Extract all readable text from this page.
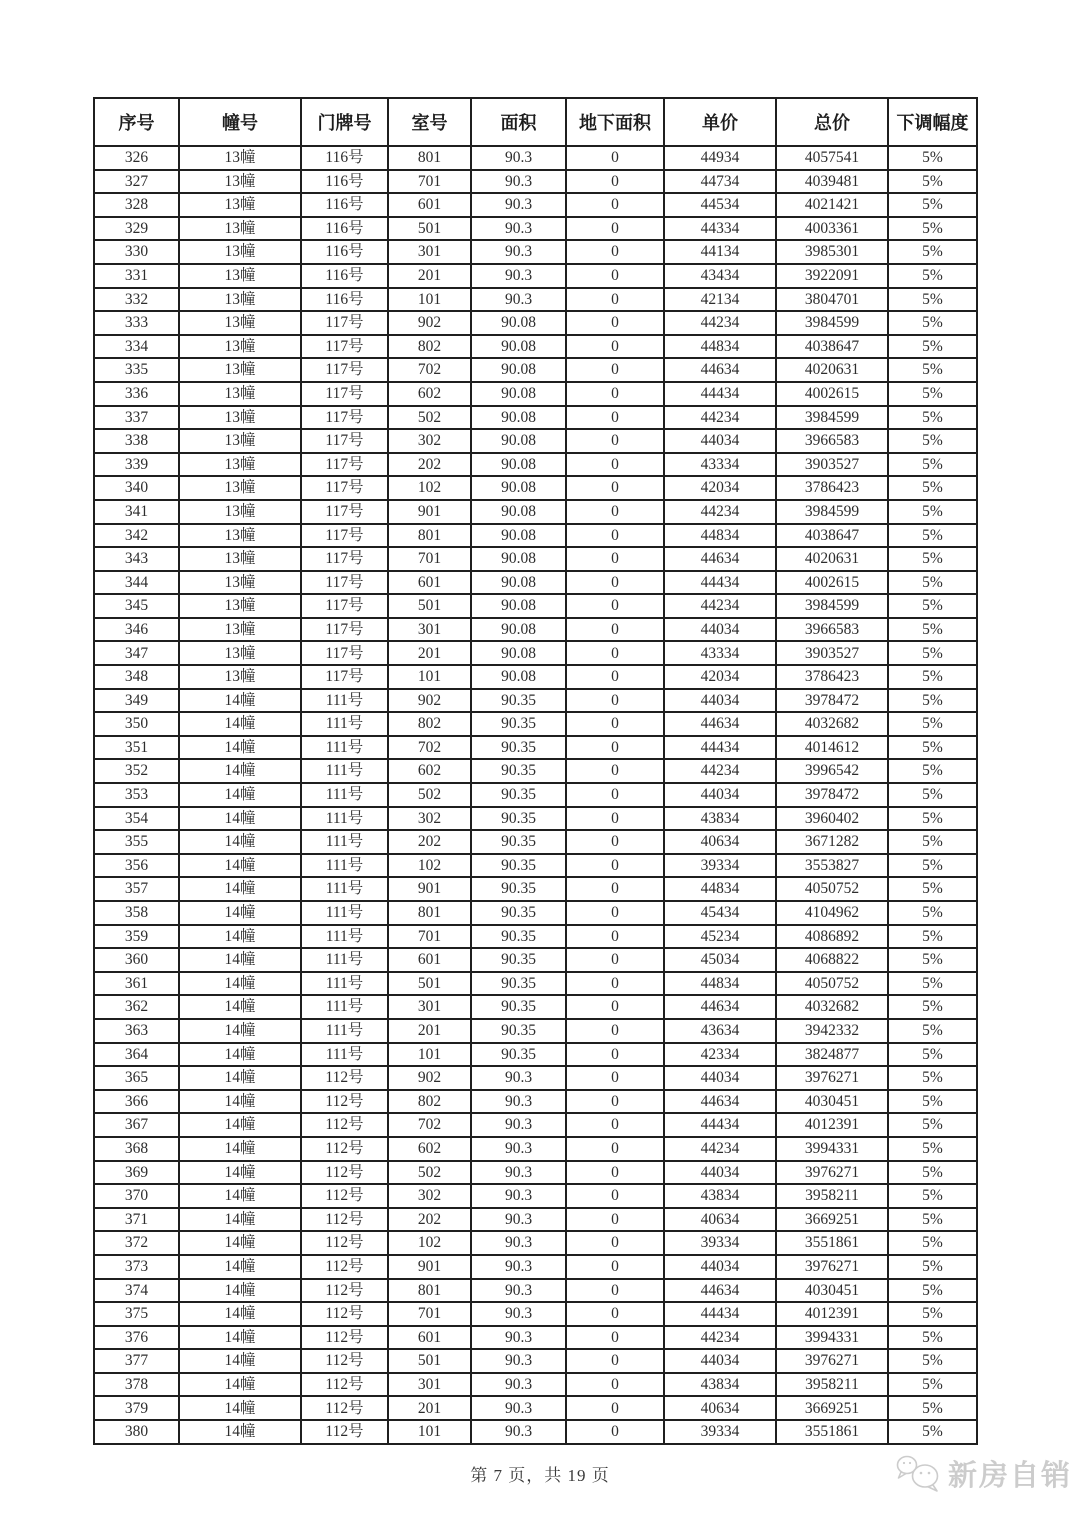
序号	幢号	门牌号	室号	面积	地下面积	单价	总价	下调幅度
326	13幢	116号	801	90.3	0	44934	4057541	5%
327	13幢	116号	701	90.3	0	44734	4039481	5%
328	13幢	116号	601	90.3	0	44534	4021421	5%
329	13幢	116号	501	90.3	0	44334	4003361	5%
330	13幢	116号	301	90.3	0	44134	3985301	5%
331	13幢	116号	201	90.3	0	43434	3922091	5%
332	13幢	116号	101	90.3	0	42134	3804701	5%
333	13幢	117号	902	90.08	0	44234	3984599	5%
334	13幢	117号	802	90.08	0	44834	4038647	5%
335	13幢	117号	702	90.08	0	44634	4020631	5%
336	13幢	117号	602	90.08	0	44434	4002615	5%
337	13幢	117号	502	90.08	0	44234	3984599	5%
338	13幢	117号	302	90.08	0	44034	3966583	5%
339	13幢	117号	202	90.08	0	43334	3903527	5%
340	13幢	117号	102	90.08	0	42034	3786423	5%
341	13幢	117号	901	90.08	0	44234	3984599	5%
342	13幢	117号	801	90.08	0	44834	4038647	5%
343	13幢	117号	701	90.08	0	44634	4020631	5%
344	13幢	117号	601	90.08	0	44434	4002615	5%
345	13幢	117号	501	90.08	0	44234	3984599	5%
346	13幢	117号	301	90.08	0	44034	3966583	5%
347	13幢	117号	201	90.08	0	43334	3903527	5%
348	13幢	117号	101	90.08	0	42034	3786423	5%
349	14幢	111号	902	90.35	0	44034	3978472	5%
350	14幢	111号	802	90.35	0	44634	4032682	5%
351	14幢	111号	702	90.35	0	44434	4014612	5%
352	14幢	111号	602	90.35	0	44234	3996542	5%
353	14幢	111号	502	90.35	0	44034	3978472	5%
354	14幢	111号	302	90.35	0	43834	3960402	5%
355	14幢	111号	202	90.35	0	40634	3671282	5%
356	14幢	111号	102	90.35	0	39334	3553827	5%
357	14幢	111号	901	90.35	0	44834	4050752	5%
358	14幢	111号	801	90.35	0	45434	4104962	5%
359	14幢	111号	701	90.35	0	45234	4086892	5%
360	14幢	111号	601	90.35	0	45034	4068822	5%
361	14幢	111号	501	90.35	0	44834	4050752	5%
362	14幢	111号	301	90.35	0	44634	4032682	5%
363	14幢	111号	201	90.35	0	43634	3942332	5%
364	14幢	111号	101	90.35	0	42334	3824877	5%
365	14幢	112号	902	90.3	0	44034	3976271	5%
366	14幢	112号	802	90.3	0	44634	4030451	5%
367	14幢	112号	702	90.3	0	44434	4012391	5%
368	14幢	112号	602	90.3	0	44234	3994331	5%
369	14幢	112号	502	90.3	0	44034	3976271	5%
370	14幢	112号	302	90.3	0	43834	3958211	5%
371	14幢	112号	202	90.3	0	40634	3669251	5%
372	14幢	112号	102	90.3	0	39334	3551861	5%
373	14幢	112号	901	90.3	0	44034	3976271	5%
374	14幢	112号	801	90.3	0	44634	4030451	5%
375	14幢	112号	701	90.3	0	44434	4012391	5%
376	14幢	112号	601	90.3	0	44234	3994331	5%
377	14幢	112号	501	90.3	0	44034	3976271	5%
378	14幢	112号	301	90.3	0	43834	3958211	5%
379	14幢	112号	201	90.3	0	40634	3669251	5%
380	14幢	112号	101	90.3	0	39334	3551861	5%
第 7 页，共 19 页	新房自销
